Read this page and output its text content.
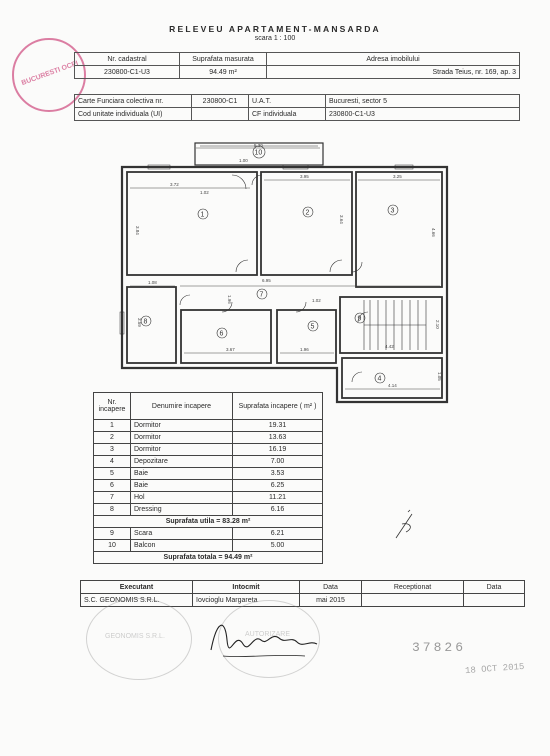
RELEVEU APARTAMENT-MANSARDA
scara 1 : 100
BUCURESTI OCPI
Nr. cadastral	Suprafata masurata	Adresa imobilului
230800-C1-U3	94.49 m²	Strada Teius, nr. 169, ap. 3
Carte Funciara colectiva nr.	230800-C1	U.A.T.	Bucuresti, sector 5
Cod unitate individuala (UI)		CF individuala	230800-C1-U3
5.30
1.00
3.72
1.02
3.95	3.25
3.84
3.64
4.66
6.95
1.08
1.02
3.59	2.10
3.67	1.96
4.42
4.14
1.05
1.96
1	2	3
4
5
6
7
8	9
10
Nr. incapere	Denumire incapere	Suprafata incapere ( m² )
1	Dormitor	19.31
2	Dormitor	13.63
3	Dormitor	16.19
4	Depozitare	7.00
5	Baie	3.53
6	Baie	6.25
7	Hol	11.21
8	Dressing	6.16
Suprafata utila = 83.28 m²		
9	Scara	6.21
10	Balcon	5.00
Suprafata totala = 94.49 m²		
Executant	Intocmit	Data	Receptionat	Data
S.C. GEONOMIS S.R.L.	Iovcioglu Margareta	mai 2015		
GEONOMIS S.R.L.	AUTORIZARE
37826
18 OCT 2015
